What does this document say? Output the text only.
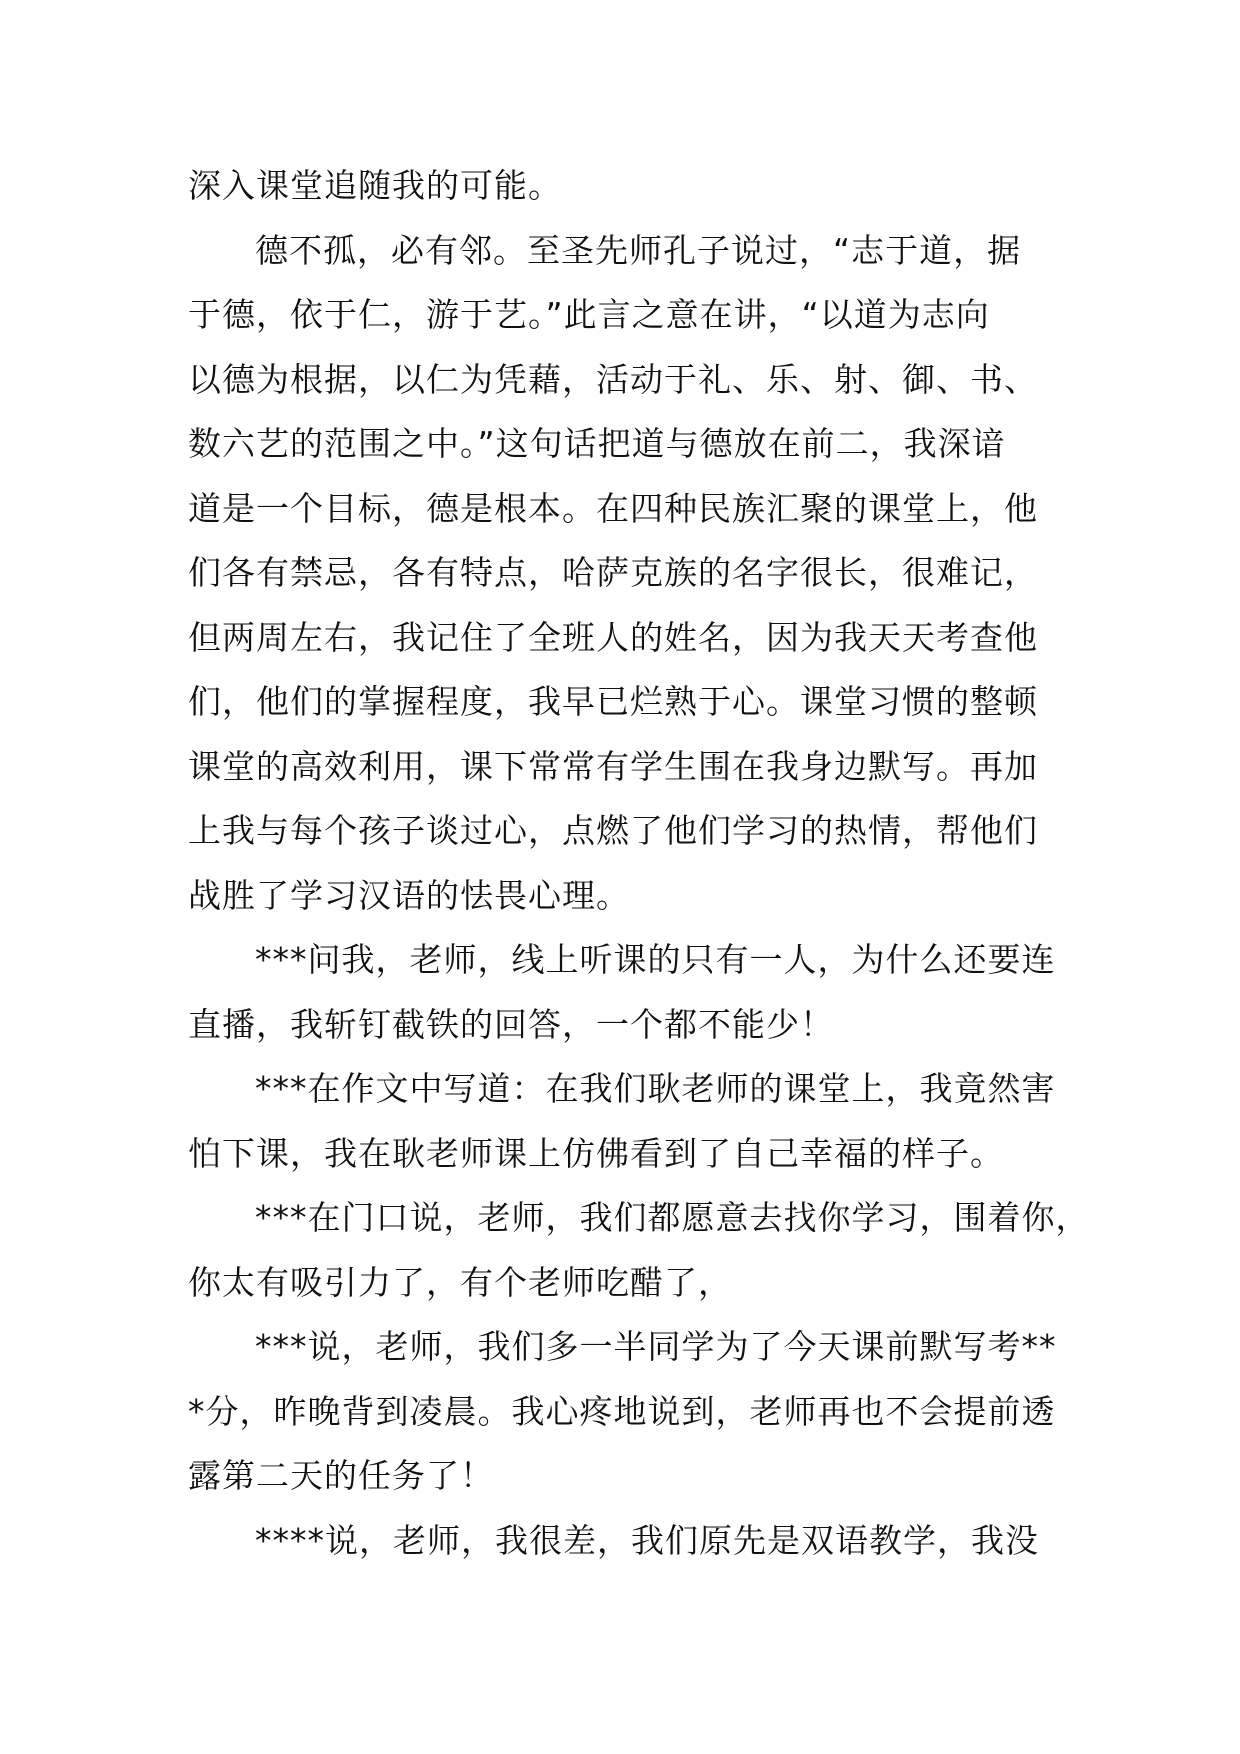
深入课堂追随我的可能。
德不孤，必有邻。至圣先师孔子说过，“志于道，据
于德，依于仁，游于艺。”此言之意在讲，“以道为志向
以德为根据，以仁为凭藉，活动于礼、乐、射、御、书、
数六艺的范围之中。”这句话把道与德放在前二，我深谙
道是一个目标，德是根本。在四种民族汇聚的课堂上，他
们各有禁忌，各有特点，哈萨克族的名字很长，很难记，
但两周左右，我记住了全班人的姓名，因为我天天考查他
们，他们的掌握程度，我早已烂熟于心。课堂习惯的整顿
课堂的高效利用，课下常常有学生围在我身边默写。再加
上我与每个孩子谈过心，点燃了他们学习的热情，帮他们
战胜了学习汉语的怯畏心理。
***问我，老师，线上听课的只有一人，为什么还要连
直播，我斩钉截铁的回答，一个都不能少！
***在作文中写道：在我们耿老师的课堂上，我竟然害
怕下课，我在耿老师课上仿佛看到了自己幸福的样子。
***在门口说，老师，我们都愿意去找你学习，围着你，
你太有吸引力了，有个老师吃醋了，
***说，老师，我们多一半同学为了今天课前默写考**
*分，昨晚背到凌晨。我心疼地说到，老师再也不会提前透
露第二天的任务了！
****说，老师，我很差，我们原先是双语教学，我没
